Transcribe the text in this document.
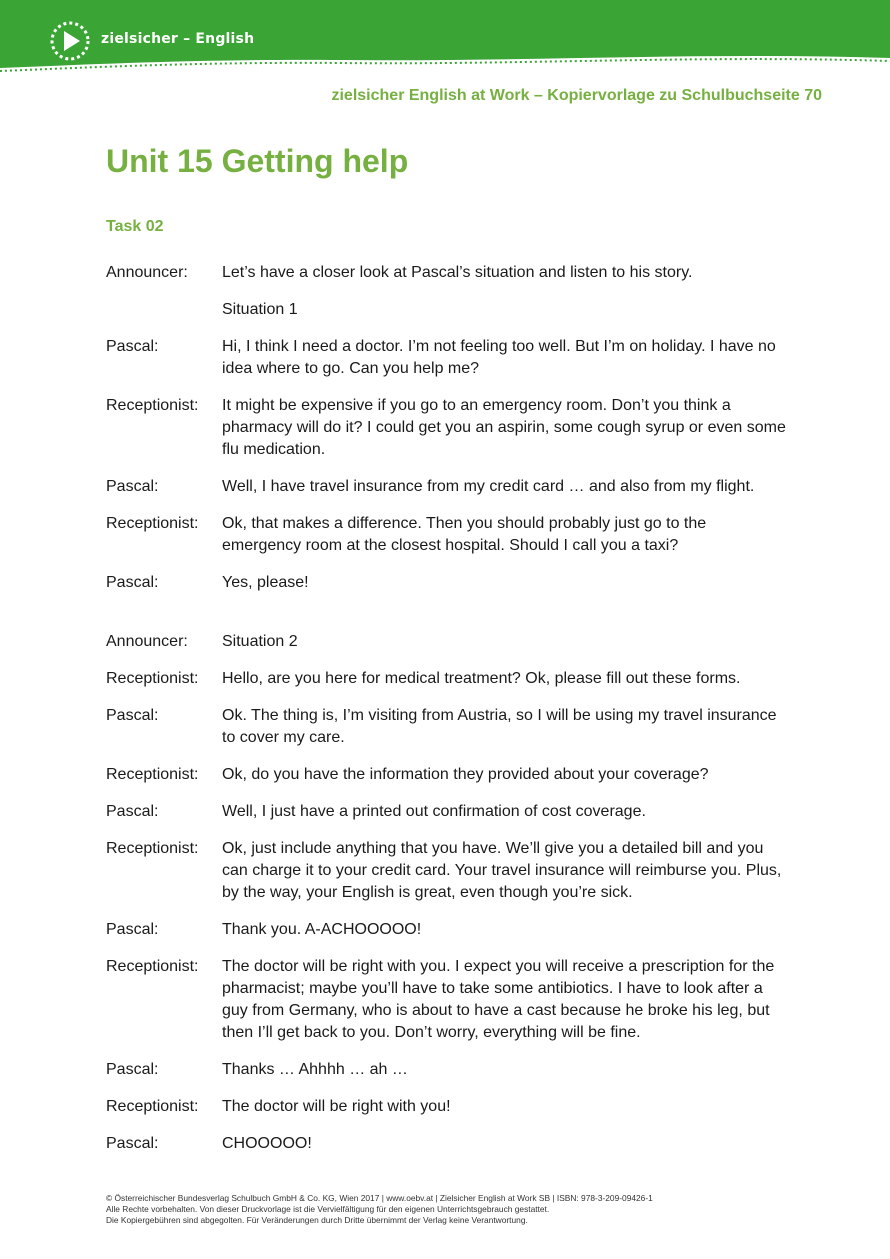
zielsicher – English
zielsicher English at Work – Kopiervorlage zu Schulbuchseite 70
Unit 15 Getting help
Task 02
Announcer:	Let’s have a closer look at Pascal’s situation and listen to his story.
Situation 1
Pascal:	Hi, I think I need a doctor. I’m not feeling too well. But I’m on holiday. I have no idea where to go. Can you help me?
Receptionist:	It might be expensive if you go to an emergency room. Don’t you think a pharmacy will do it? I could get you an aspirin, some cough syrup or even some flu medication.
Pascal:	Well, I have travel insurance from my credit card … and also from my flight.
Receptionist:	Ok, that makes a difference. Then you should probably just go to the emergency room at the closest hospital. Should I call you a taxi?
Pascal:	Yes, please!
Announcer:	Situation 2
Receptionist:	Hello, are you here for medical treatment? Ok, please fill out these forms.
Pascal:	Ok. The thing is, I’m visiting from Austria, so I will be using my travel insurance to cover my care.
Receptionist:	Ok, do you have the information they provided about your coverage?
Pascal:	Well, I just have a printed out confirmation of cost coverage.
Receptionist:	Ok, just include anything that you have. We’ll give you a detailed bill and you can charge it to your credit card. Your travel insurance will reimburse you. Plus, by the way, your English is great, even though you’re sick.
Pascal:	Thank you. A-ACHOOOOO!
Receptionist:	The doctor will be right with you. I expect you will receive a prescription for the pharmacist; maybe you’ll have to take some antibiotics. I have to look after a guy from Germany, who is about to have a cast because he broke his leg, but then I’ll get back to you. Don’t worry, everything will be fine.
Pascal:	Thanks … Ahhhh … ah …
Receptionist:	The doctor will be right with you!
Pascal:	CHOOOOO!
© Österreichischer Bundesverlag Schulbuch GmbH & Co. KG, Wien 2017 | www.oebv.at | Zielsicher English at Work SB | ISBN: 978-3-209-09426-1
Alle Rechte vorbehalten. Von dieser Druckvorlage ist die Vervielfältigung für den eigenen Unterrichtsgebrauch gestattet.
Die Kopiergebühren sind abgegolten. Für Veränderungen durch Dritte übernimmt der Verlag keine Verantwortung.
